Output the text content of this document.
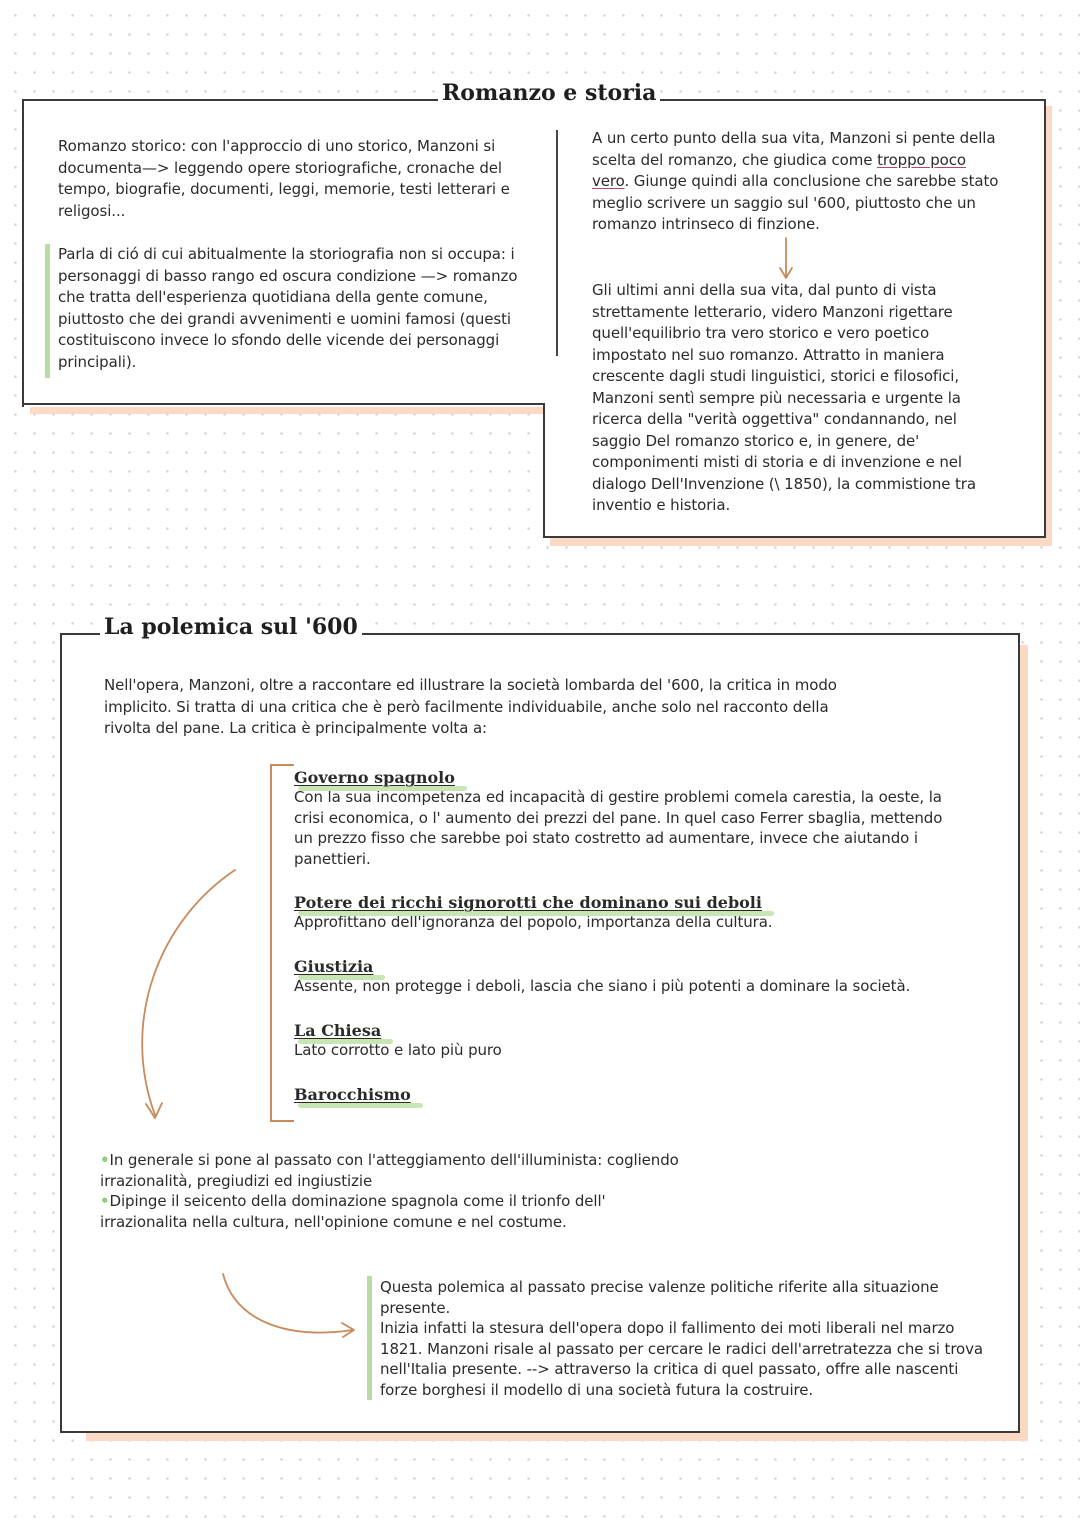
Romanzo e storia
Romanzo storico: con l'approccio di uno storico, Manzoni si documenta—> leggendo opere storiografiche, cronache del tempo, biografie, documenti, leggi, memorie, testi letterari e religosi...
Parla di ció di cui abitualmente la storiografia non si occupa: i personaggi di basso rango ed oscura condizione —> romanzo che tratta dell'esperienza quotidiana della gente comune, piuttosto che dei grandi avvenimenti e uomini famosi (questi costituiscono invece lo sfondo delle vicende dei personaggi principali).
A un certo punto della sua vita, Manzoni si pente della scelta del romanzo, che giudica come troppo poco vero. Giunge quindi alla conclusione che sarebbe stato meglio scrivere un saggio sul '600, piuttosto che un romanzo intrinseco di finzione.
Gli ultimi anni della sua vita, dal punto di vista strettamente letterario, videro Manzoni rigettare quell'equilibrio tra vero storico e vero poetico impostato nel suo romanzo. Attratto in maniera crescente dagli studi linguistici, storici e filosofici, Manzoni sentì sempre più necessaria e urgente la ricerca della "verità oggettiva" condannando, nel saggio Del romanzo storico e, in genere, de' componimenti misti di storia e di invenzione e nel dialogo Dell'Invenzione (\ 1850), la commistione tra inventio e historia.
La polemica sul '600
Nell'opera, Manzoni, oltre a raccontare ed illustrare la società lombarda del '600, la critica in modo implicito. Si tratta di una critica che è però facilmente individuabile, anche solo nel racconto della rivolta del pane. La critica è principalmente volta a:
Governo spagnolo
Con la sua incompetenza ed incapacità di gestire problemi comela carestia, la oeste, la crisi economica, o l' aumento dei prezzi del pane. In quel caso Ferrer sbaglia, mettendo un prezzo fisso che sarebbe poi stato costretto ad aumentare, invece che aiutando i panettieri.
Potere dei ricchi signorotti che dominano sui deboli
Approfittano dell'ignoranza del popolo, importanza della cultura.
Giustizia
Assente, non protegge i deboli, lascia che siano i più potenti a dominare la società.
La Chiesa
Lato corrotto e lato più puro
Barocchismo
•In generale si pone al passato con l'atteggiamento dell'illuminista: cogliendo irrazionalità, pregiudizi ed ingiustizie
•Dipinge il seicento della dominazione spagnola come il trionfo dell' irrazionalita nella cultura, nell'opinione comune e nel costume.
Questa polemica al passato precise valenze politiche riferite alla situazione presente.
Inizia infatti la stesura dell'opera dopo il fallimento dei moti liberali nel marzo 1821. Manzoni risale al passato per cercare le radici dell'arretratezza che si trova nell'Italia presente. --> attraverso la critica di quel passato, offre alle nascenti forze borghesi il modello di una società futura la costruire.
